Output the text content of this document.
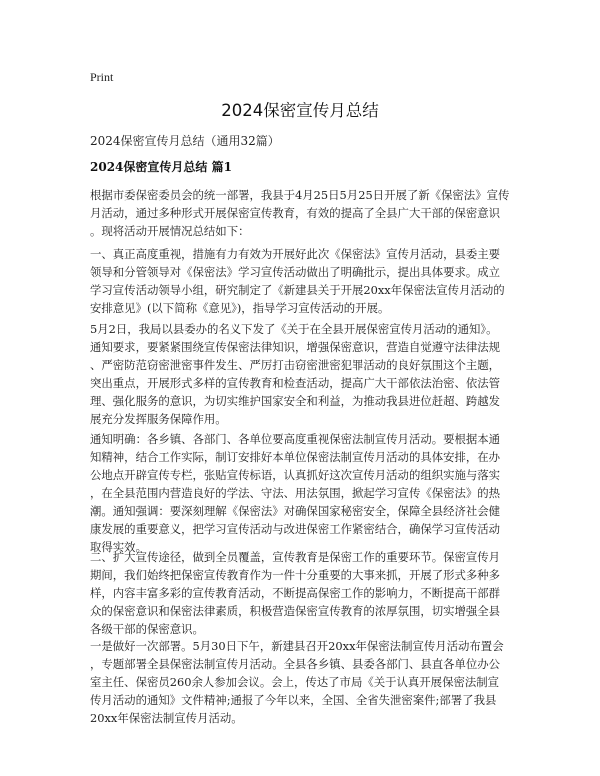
Print
2024保密宣传月总结
2024保密宣传月总结（通用32篇）
2024保密宣传月总结 篇1

根据市委保密委员会的统一部署，我县于4月25日5月25日开展了新《保密法》宣传
月活动，通过多种形式开展保密宣传教育，有效的提高了全县广大干部的保密意识
。现将活动开展情况总结如下：

一、真正高度重视，措施有力有效为开展好此次《保密法》宣传月活动，县委主要
领导和分管领导对《保密法》学习宣传活动做出了明确批示，提出具体要求。成立
学习宣传活动领导小组，研究制定了《新建县关于开展20xx年保密法宣传月活动的
安排意见》(以下简称《意见》)，指导学习宣传活动的开展。

5月2日，我局以县委办的名义下发了《关于在全县开展保密宣传月活动的通知》。
通知要求，要紧紧围绕宣传保密法律知识，增强保密意识，营造自觉遵守法律法规
、严密防范窃密泄密事件发生、严厉打击窃密泄密犯罪活动的良好氛围这个主题，
突出重点，开展形式多样的宣传教育和检查活动，提高广大干部依法治密、依法管
理、强化服务的意识，为切实维护国家安全和利益，为推动我县进位赶超、跨越发
展充分发挥服务保障作用。

通知明确：各乡镇、各部门、各单位要高度重视保密法制宣传月活动。要根据本通
知精神，结合工作实际，制订安排好本单位保密法制宣传月活动的具体安排，在办
公地点开辟宣传专栏，张贴宣传标语，认真抓好这次宣传月活动的组织实施与落实
，在全县范围内营造良好的学法、守法、用法氛围，掀起学习宣传《保密法》的热
潮。通知强调：要深刻理解《保密法》对确保国家秘密安全，保障全县经济社会健
康发展的重要意义，把学习宣传活动与改进保密工作紧密结合，确保学习宣传活动
取得实效。

二、扩大宣传途径，做到全员覆盖，宣传教育是保密工作的重要环节。保密宣传月
期间，我们始终把保密宣传教育作为一件十分重要的大事来抓，开展了形式多种多
样，内容丰富多彩的宣传教育活动，不断提高保密工作的影响力，不断提高干部群
众的保密意识和保密法律素质，积极营造保密宣传教育的浓厚氛围，切实增强全县
各级干部的保密意识。

一是做好一次部署。5月30日下午，新建县召开20xx年保密法制宣传月活动布置会
，专题部署全县保密法制宣传月活动。全县各乡镇、县委各部门、县直各单位办公
室主任、保密员260余人参加会议。会上，传达了市局《关于认真开展保密法制宣
传月活动的通知》文件精神;通报了今年以来，全国、全省失泄密案件;部署了我县
20xx年保密法制宣传月活动。
